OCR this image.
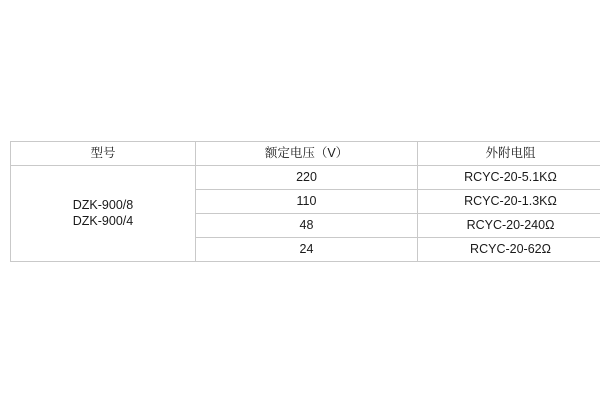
型号	额定电压（V）	外附电阻

DZK-900/8
DZK-900/4	220	RCYC-20-5.1KΩ
	110	RCYC-20-1.3KΩ
	48	RCYC-20-240Ω
	24	RCYC-20-62Ω
